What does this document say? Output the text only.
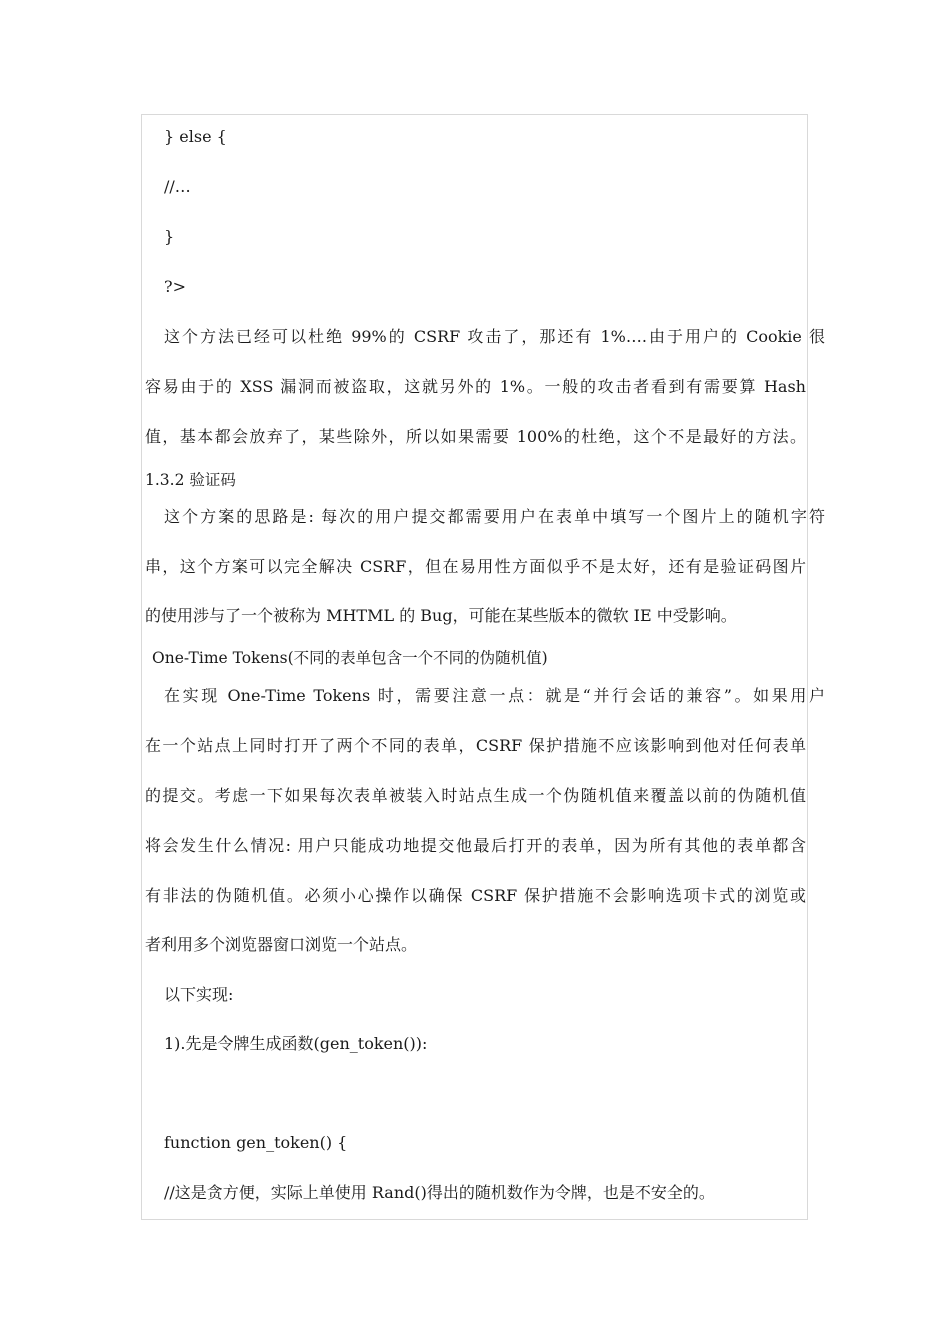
} else {
//…
}
?>
这个方法已经可以杜绝 99%的 CSRF 攻击了，那还有 1%….由于用户的 Cookie 很
容易由于的 XSS 漏洞而被盗取，这就另外的 1%。一般的攻击者看到有需要算 Hash
值，基本都会放弃了，某些除外，所以如果需要 100%的杜绝，这个不是最好的方法。
1.3.2 验证码
这个方案的思路是: 每次的用户提交都需要用户在表单中填写一个图片上的随机字符
串，这个方案可以完全解决 CSRF，但在易用性方面似乎不是太好，还有是验证码图片
的使用涉与了一个被称为 MHTML 的 Bug，可能在某些版本的微软 IE 中受影响。
One-Time Tokens(不同的表单包含一个不同的伪随机值)
在实现 One-Time Tokens 时，需要注意一点：就是“并行会话的兼容”。如果用户
在一个站点上同时打开了两个不同的表单，CSRF 保护措施不应该影响到他对任何表单
的提交。考虑一下如果每次表单被装入时站点生成一个伪随机值来覆盖以前的伪随机值
将会发生什么情况: 用户只能成功地提交他最后打开的表单，因为所有其他的表单都含
有非法的伪随机值。必须小心操作以确保 CSRF 保护措施不会影响选项卡式的浏览或
者利用多个浏览器窗口浏览一个站点。
以下实现:
1).先是令牌生成函数(gen_token()):
function gen_token() {
//这是贪方便，实际上单使用 Rand()得出的随机数作为令牌，也是不安全的。
